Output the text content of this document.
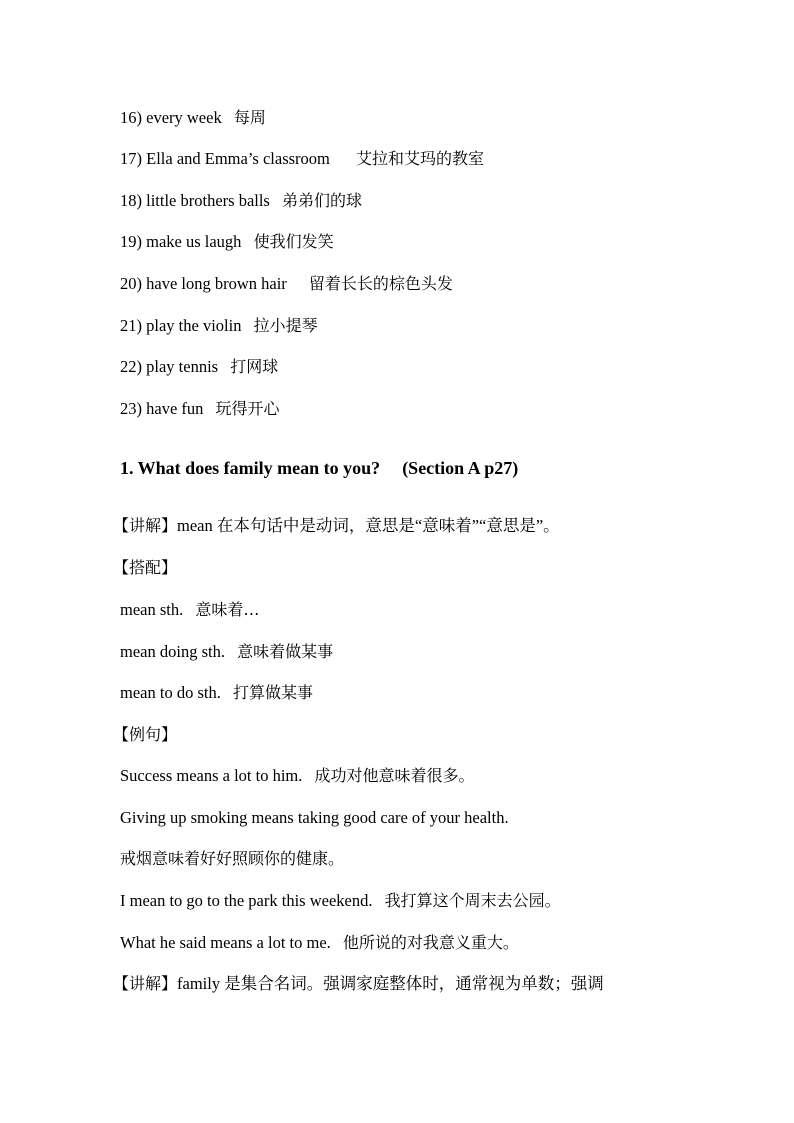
16) every week 每周
17) Ella and Emma’s classroom 艾拉和艾玛的教室
18) little brothers balls 弟弟们的球
19) make us laugh 使我们发笑
20) have long brown hair 留着长长的棕色头发
21) play the violin 拉小提琴
22) play tennis 打网球
23) have fun 玩得开心
1. What does family mean to you? (Section A p27)
【讲解】mean 在本句话中是动词，意思是“意味着”“意思是”。
【搭配】
mean sth. 意味着…
mean doing sth. 意味着做某事
mean to do sth. 打算做某事
【例句】
Success means a lot to him. 成功对他意味着很多。
Giving up smoking means taking good care of your health.
戒烟意味着好好照顾你的健康。
I mean to go to the park this weekend. 我打算这个周末去公园。
What he said means a lot to me. 他所说的对我意义重大。
【讲解】family 是集合名词。强调家庭整体时，通常视为单数；强调
